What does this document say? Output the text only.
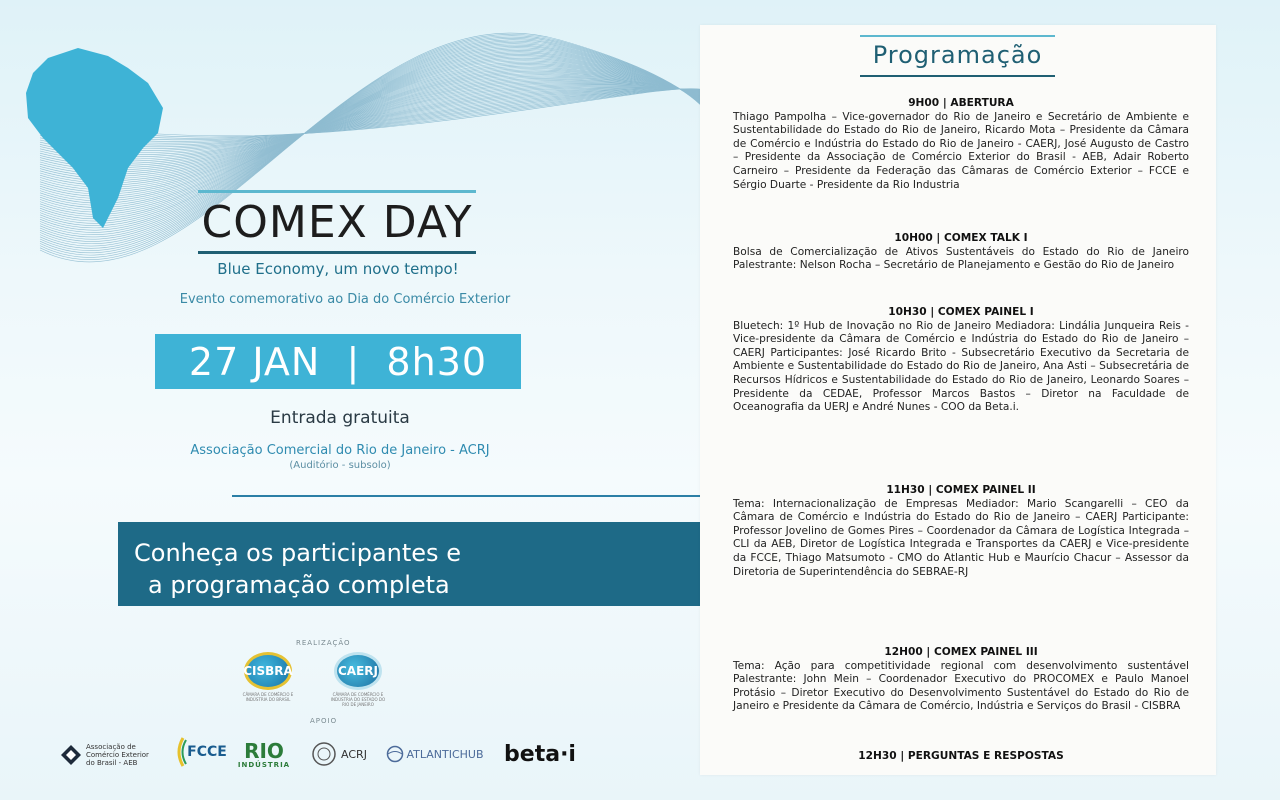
COMEX DAY
Blue Economy, um novo tempo!
Evento comemorativo ao Dia do Comércio Exterior
27 JAN  |  8h30
Entrada gratuita
Associação Comercial do Rio de Janeiro - ACRJ
(Auditório - subsolo)
Conheça os participantes e
a programação completa
REALIZAÇÃO
CISBRA
CÂMARA DE COMÉRCIO E INDÚSTRIA DO BRASIL
CAERJ
CÂMARA DE COMÉRCIO E INDÚSTRIA DO ESTADO DO RIO DE JANEIRO
APOIO
Associação de Comércio Exterior do Brasil - AEB
FCCE RIO
INDÚSTRIA
ACRJ	ATLANTICHUB beta·i
Programação
9H00 | ABERTURA

Thiago Pampolha – Vice-governador do Rio de Janeiro e Secretário de Ambiente e Sustentabilidade do Estado do Rio de Janeiro, Ricardo Mota – Presidente da Câmara de Comércio e Indústria do Estado do Rio de Janeiro - CAERJ, José Augusto de Castro – Presidente da Associação de Comércio Exterior do Brasil - AEB, Adair Roberto Carneiro – Presidente da Federação das Câmaras de Comércio Exterior – FCCE e Sérgio Duarte - Presidente da Rio Industria

10H00 | COMEX TALK I

Bolsa de Comercialização de Ativos Sustentáveis do Estado do Rio de Janeiro Palestrante: Nelson Rocha – Secretário de Planejamento e Gestão do Rio de Janeiro

10H30 | COMEX PAINEL I

Bluetech: 1º Hub de Inovação no Rio de Janeiro Mediadora: Lindália Junqueira Reis - Vice-presidente da Câmara de Comércio e Indústria do Estado do Rio de Janeiro – CAERJ Participantes: José Ricardo Brito - Subsecretário Executivo da Secretaria de Ambiente e Sustentabilidade do Estado do Rio de Janeiro, Ana Asti – Subsecretária de Recursos Hídricos e Sustentabilidade do Estado do Rio de Janeiro, Leonardo Soares – Presidente da CEDAE, Professor Marcos Bastos – Diretor na Faculdade de Oceanografia da UERJ e André Nunes - COO da Beta.i.

11H30 | COMEX PAINEL II

Tema: Internacionalização de Empresas Mediador: Mario Scangarelli – CEO da Câmara de Comércio e Indústria do Estado do Rio de Janeiro – CAERJ Participante: Professor Jovelino de Gomes Pires – Coordenador da Câmara de Logística Integrada – CLI da AEB, Diretor de Logística Integrada e Transportes da CAERJ e Vice-presidente da FCCE, Thiago Matsumoto - CMO do Atlantic Hub e Maurício Chacur – Assessor da Diretoria de Superintendência do SEBRAE-RJ

12H00 | COMEX PAINEL III

Tema: Ação para competitividade regional com desenvolvimento sustentável Palestrante: John Mein – Coordenador Executivo do PROCOMEX e Paulo Manoel Protásio – Diretor Executivo do Desenvolvimento Sustentável do Estado do Rio de Janeiro e Presidente da Câmara de Comércio, Indústria e Serviços do Brasil - CISBRA

12H30 | PERGUNTAS E RESPOSTAS
